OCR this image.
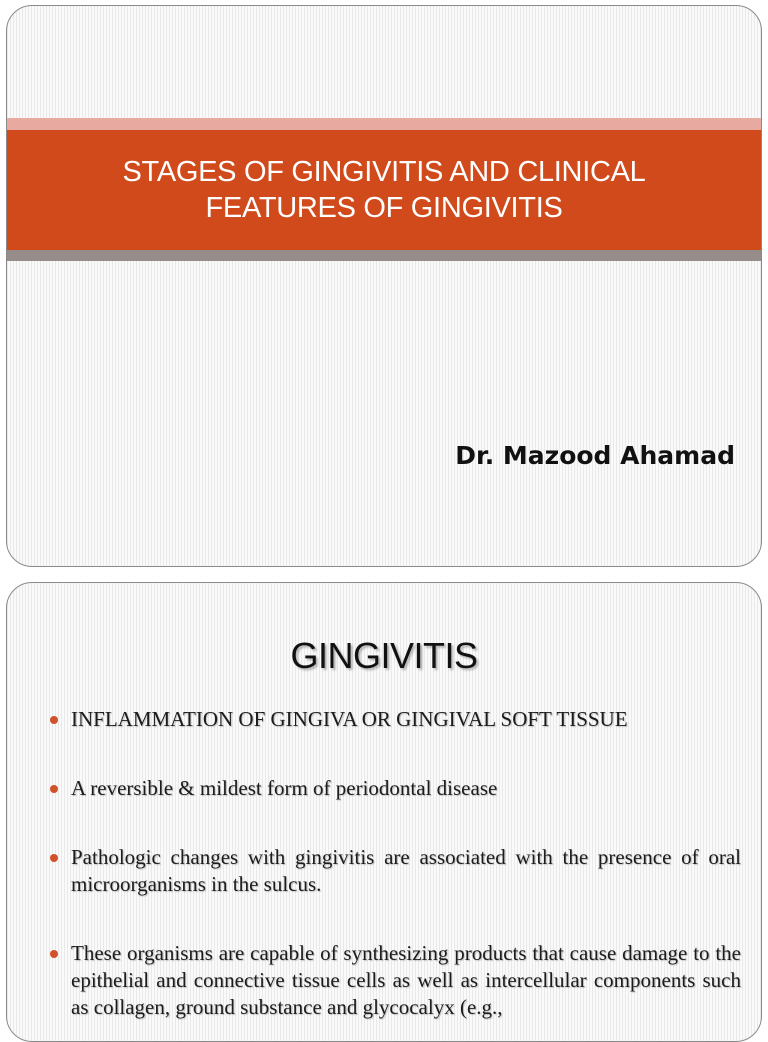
STAGES OF GINGIVITIS AND CLINICAL
FEATURES OF GINGIVITIS
Dr. Mazood Ahamad
GINGIVITIS
INFLAMMATION OF GINGIVA OR GINGIVAL SOFT TISSUE
A reversible & mildest form of periodontal disease
Pathologic changes with gingivitis are associated with the presence of oral microorganisms in the sulcus.
These organisms are capable of synthesizing products that cause damage to the epithelial and connective tissue cells as well as intercellular components such as collagen, ground substance and glycocalyx (e.g.,
